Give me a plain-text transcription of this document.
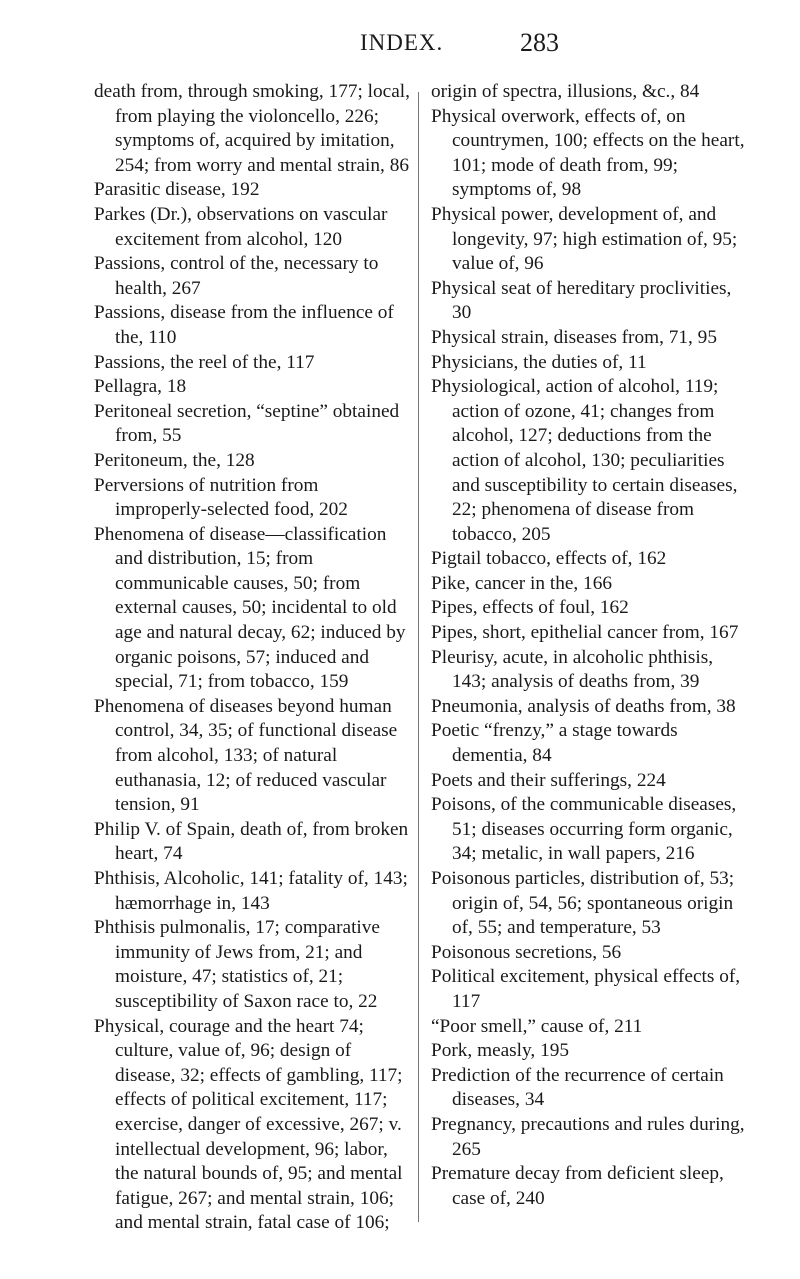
INDEX.	283

death from, through smoking, 177; local, from playing the violoncello, 226; symptoms of, acquired by imitation, 254; from worry and mental strain, 86

Parasitic disease, 192

Parkes (Dr.), observations on vascular excitement from alcohol, 120

Passions, control of the, necessary to health, 267

Passions, disease from the influence of the, 110

Passions, the reel of the, 117

Pellagra, 18

Peritoneal secretion, “septine” obtained from, 55

Peritoneum, the, 128

Perversions of nutrition from improperly-selected food, 202

Phenomena of disease—classification and distribution, 15; from communicable causes, 50; from external causes, 50; incidental to old age and natural decay, 62; induced by organic poisons, 57; induced and special, 71; from tobacco, 159

Phenomena of diseases beyond human control, 34, 35; of functional disease from alcohol, 133; of natural euthanasia, 12; of reduced vascular tension, 91

Philip V. of Spain, death of, from broken heart, 74

Phthisis, Alcoholic, 141; fatality of, 143; hæmorrhage in, 143

Phthisis pulmonalis, 17; comparative immunity of Jews from, 21; and moisture, 47; statistics of, 21; susceptibility of Saxon race to, 22

Physical, courage and the heart 74; culture, value of, 96; design of disease, 32; effects of gambling, 117; effects of political excitement, 117; exercise, danger of excessive, 267; v. intellectual development, 96; labor, the natural bounds of, 95; and mental fatigue, 267; and mental strain, 106; and mental strain, fatal case of 106;

origin of spectra, illusions, &c., 84

Physical overwork, effects of, on countrymen, 100; effects on the heart, 101; mode of death from, 99; symptoms of, 98

Physical power, development of, and longevity, 97; high estimation of, 95; value of, 96

Physical seat of hereditary proclivities, 30

Physical strain, diseases from, 71, 95

Physicians, the duties of, 11

Physiological, action of alcohol, 119; action of ozone, 41; changes from alcohol, 127; deductions from the action of alcohol, 130; peculiarities and susceptibility to certain diseases, 22; phenomena of disease from tobacco, 205

Pigtail tobacco, effects of, 162

Pike, cancer in the, 166

Pipes, effects of foul, 162

Pipes, short, epithelial cancer from, 167

Pleurisy, acute, in alcoholic phthisis, 143; analysis of deaths from, 39

Pneumonia, analysis of deaths from, 38

Poetic “frenzy,” a stage towards dementia, 84

Poets and their sufferings, 224

Poisons, of the communicable diseases, 51; diseases occurring form organic, 34; metalic, in wall papers, 216

Poisonous particles, distribution of, 53; origin of, 54, 56; spontaneous origin of, 55; and temperature, 53

Poisonous secretions, 56

Political excitement, physical effects of, 117

“Poor smell,” cause of, 211

Pork, measly, 195

Prediction of the recurrence of certain diseases, 34

Pregnancy, precautions and rules during, 265

Premature decay from deficient sleep, case of, 240
